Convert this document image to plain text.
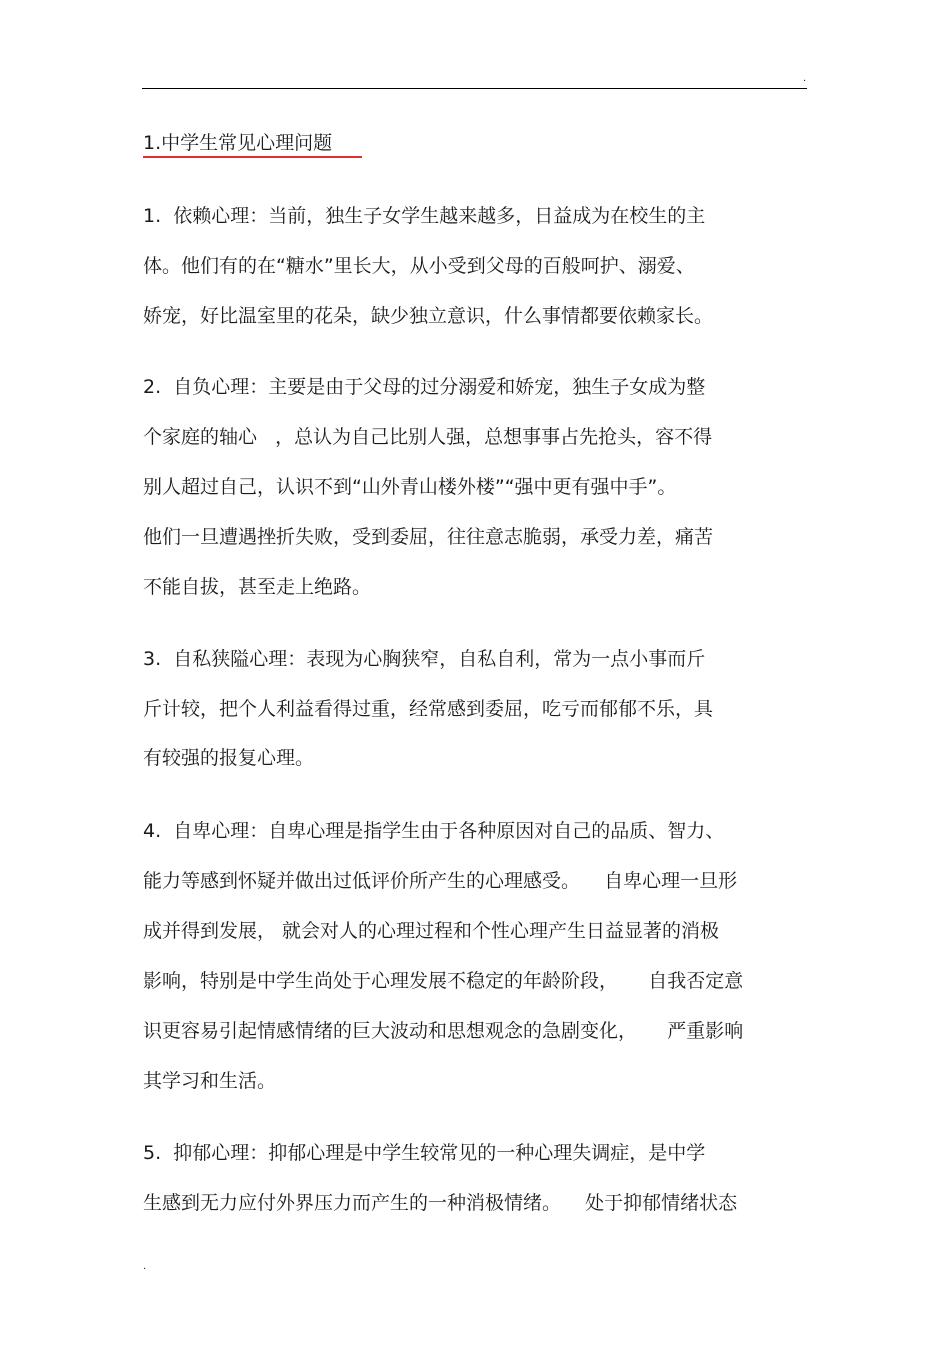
.
1.中学生常见心理问题
1.  依赖心理：当前，独生子女学生越来越多，日益成为在校生的主
体。他们有的在“糖水”里长大，从小受到父母的百般呵护、溺爱、
娇宠，好比温室里的花朵，缺少独立意识，什么事情都要依赖家长。
2.  自负心理：主要是由于父母的过分溺爱和娇宠，独生子女成为整
个家庭的轴心   ，总认为自己比别人强，总想事事占先抢头，容不得
别人超过自己，认识不到“山外青山楼外楼”“强中更有强中手”。
他们一旦遭遇挫折失败，受到委屈，往往意志脆弱，承受力差，痛苦
不能自拔，甚至走上绝路。
3.  自私狭隘心理：表现为心胸狭窄，自私自利，常为一点小事而斤
斤计较，把个人利益看得过重，经常感到委屈，吃亏而郁郁不乐，具
有较强的报复心理。
4.  自卑心理：自卑心理是指学生由于各种原因对自己的品质、智力、
能力等感到怀疑并做出过低评价所产生的心理感受。    自卑心理一旦形
成并得到发展， 就会对人的心理过程和个性心理产生日益显著的消极
影响，特别是中学生尚处于心理发展不稳定的年龄阶段，     自我否定意
识更容易引起情感情绪的巨大波动和思想观念的急剧变化，     严重影响
其学习和生活。
5.  抑郁心理：抑郁心理是中学生较常见的一种心理失调症，是中学
生感到无力应付外界压力而产生的一种消极情绪。    处于抑郁情绪状态
.
